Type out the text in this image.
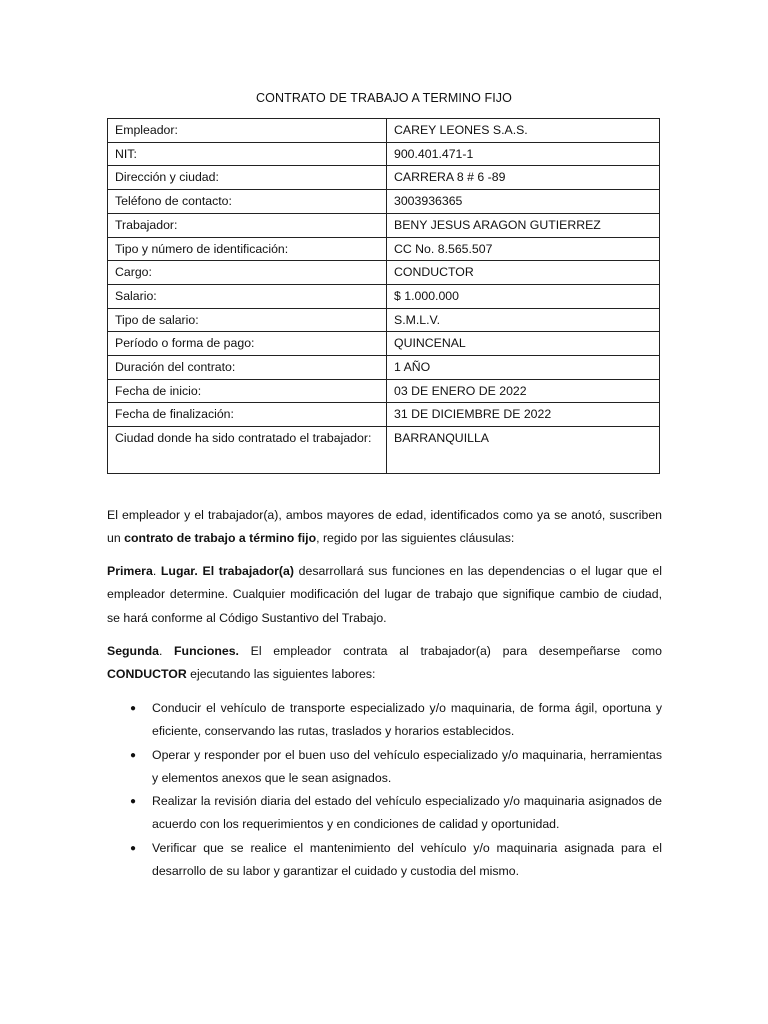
CONTRATO DE TRABAJO A TERMINO FIJO
Empleador:	CAREY LEONES S.A.S.
NIT:	900.401.471-1
Dirección y ciudad:	CARRERA 8 # 6 -89
Teléfono de contacto:	3003936365
Trabajador:	BENY JESUS ARAGON GUTIERREZ
Tipo y número de identificación:	CC No. 8.565.507
Cargo:	CONDUCTOR
Salario:	$ 1.000.000
Tipo de salario:	S.M.L.V.
Período o forma de pago:	QUINCENAL
Duración del contrato:	1 AÑO
Fecha de inicio:	03 DE ENERO DE 2022
Fecha de finalización:	31 DE DICIEMBRE DE 2022
Ciudad donde ha sido contratado el trabajador:	BARRANQUILLA

El empleador y el trabajador(a), ambos mayores de edad, identificados como ya se anotó, suscriben un contrato de trabajo a término fijo, regido por las siguientes cláusulas:

Primera. Lugar. El trabajador(a) desarrollará sus funciones en las dependencias o el lugar que el empleador determine. Cualquier modificación del lugar de trabajo que signifique cambio de ciudad, se hará conforme al Código Sustantivo del Trabajo.

Segunda. Funciones. El empleador contrata al trabajador(a) para desempeñarse como CONDUCTOR ejecutando las siguientes labores:

● Conducir el vehículo de transporte especializado y/o maquinaria, de forma ágil, oportuna y eficiente, conservando las rutas, traslados y horarios establecidos.
● Operar y responder por el buen uso del vehículo especializado y/o maquinaria, herramientas y elementos anexos que le sean asignados.
● Realizar la revisión diaria del estado del vehículo especializado y/o maquinaria asignados de acuerdo con los requerimientos y en condiciones de calidad y oportunidad.
● Verificar que se realice el mantenimiento del vehículo y/o maquinaria asignada para el desarrollo de su labor y garantizar el cuidado y custodia del mismo.
